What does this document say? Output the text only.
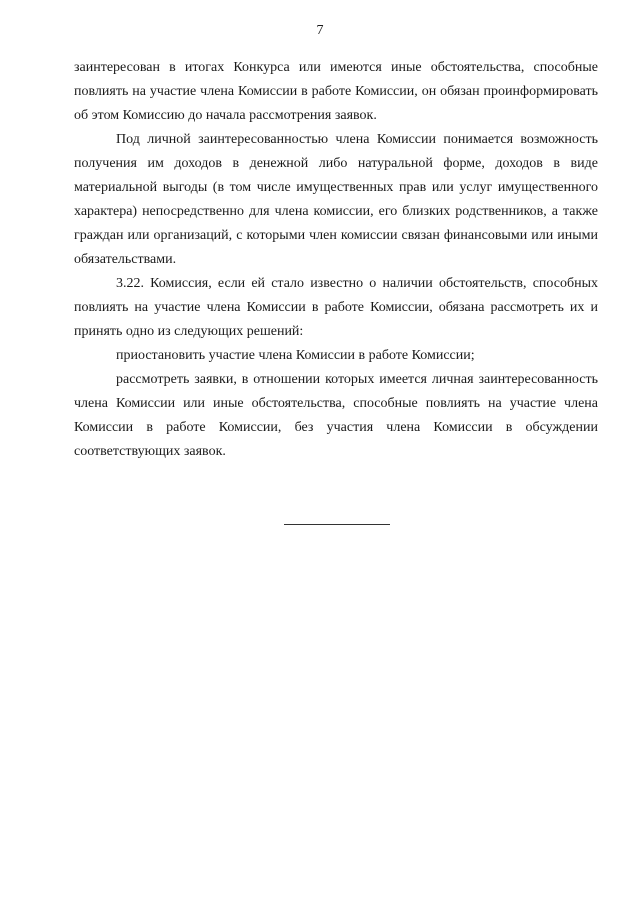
7

заинтересован в итогах Конкурса или имеются иные обстоятельства, способные повлиять на участие члена Комиссии в работе Комиссии, он обязан проинформировать об этом Комиссию до начала рассмотрения заявок.

Под личной заинтересованностью члена Комиссии понимается возможность получения им доходов в денежной либо натуральной форме, доходов в виде материальной выгоды (в том числе имущественных прав или услуг имущественного характера) непосредственно для члена комиссии, его близких родственников, а также граждан или организаций, с которыми член комиссии связан финансовыми или иными обязательствами.

3.22. Комиссия, если ей стало известно о наличии обстоятельств, способных повлиять на участие члена Комиссии в работе Комиссии, обязана рассмотреть их и принять одно из следующих решений:

приостановить участие члена Комиссии в работе Комиссии;

рассмотреть заявки, в отношении которых имеется личная заинтересованность члена Комиссии или иные обстоятельства, способные повлиять на участие члена Комиссии в работе Комиссии, без участия члена Комиссии в обсуждении соответствующих заявок.
